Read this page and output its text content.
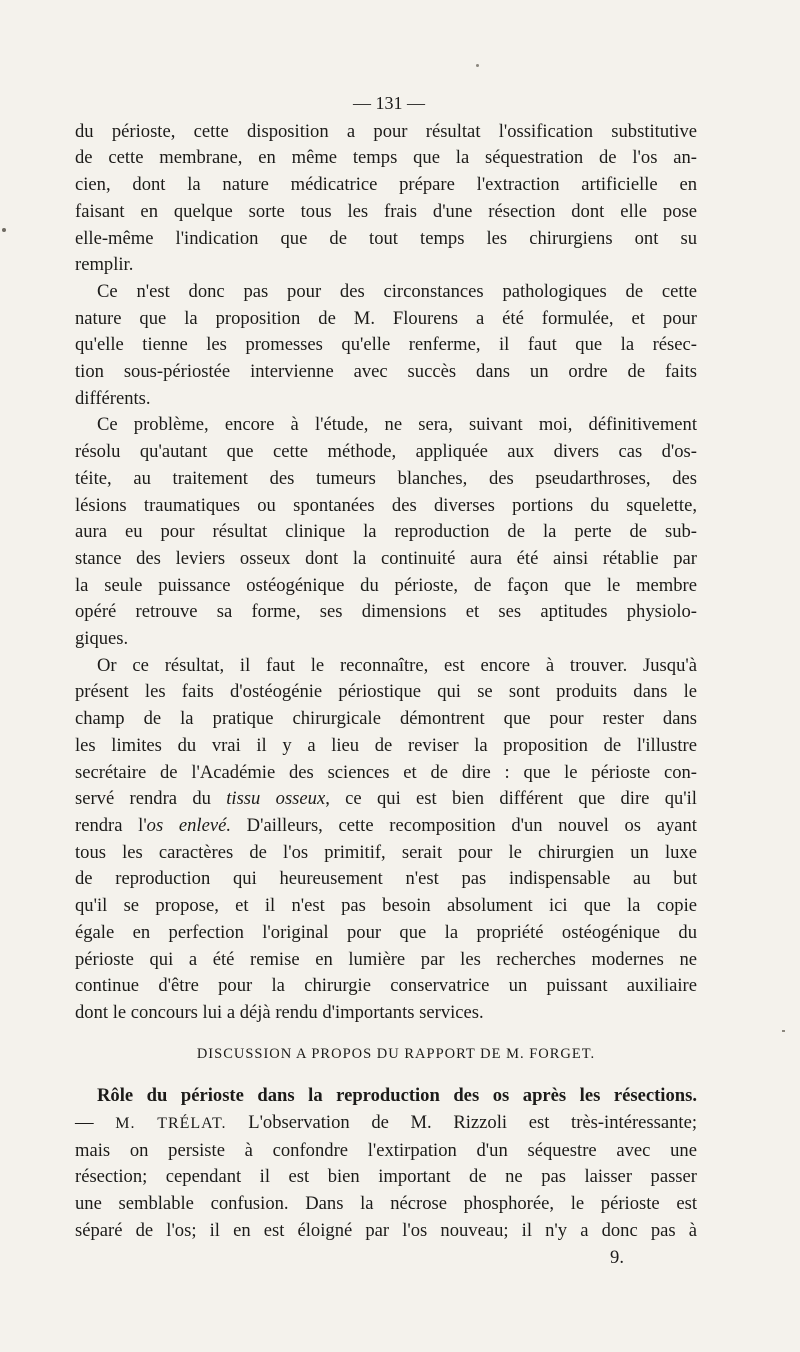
— 131 —
du périoste, cette disposition a pour résultat l'ossification substitutive
de cette membrane, en même temps que la séquestration de l'os an-
cien, dont la nature médicatrice prépare l'extraction artificielle en
faisant en quelque sorte tous les frais d'une résection dont elle pose
elle-même l'indication que de tout temps les chirurgiens ont su
remplir.
Ce n'est donc pas pour des circonstances pathologiques de cette
nature que la proposition de M. Flourens a été formulée, et pour
qu'elle tienne les promesses qu'elle renferme, il faut que la résec-
tion sous-périostée intervienne avec succès dans un ordre de faits
différents.
Ce problème, encore à l'étude, ne sera, suivant moi, définitivement
résolu qu'autant que cette méthode, appliquée aux divers cas d'os-
téite, au traitement des tumeurs blanches, des pseudarthroses, des
lésions traumatiques ou spontanées des diverses portions du squelette,
aura eu pour résultat clinique la reproduction de la perte de sub-
stance des leviers osseux dont la continuité aura été ainsi rétablie par
la seule puissance ostéogénique du périoste, de façon que le membre
opéré retrouve sa forme, ses dimensions et ses aptitudes physiolo-
giques.
Or ce résultat, il faut le reconnaître, est encore à trouver. Jusqu'à
présent les faits d'ostéogénie périostique qui se sont produits dans le
champ de la pratique chirurgicale démontrent que pour rester dans
les limites du vrai il y a lieu de reviser la proposition de l'illustre
secrétaire de l'Académie des sciences et de dire : que le périoste con-
servé rendra du tissu osseux, ce qui est bien différent que dire qu'il
rendra l'os enlevé. D'ailleurs, cette recomposition d'un nouvel os ayant
tous les caractères de l'os primitif, serait pour le chirurgien un luxe
de reproduction qui heureusement n'est pas indispensable au but
qu'il se propose, et il n'est pas besoin absolument ici que la copie
égale en perfection l'original pour que la propriété ostéogénique du
périoste qui a été remise en lumière par les recherches modernes ne
continue d'être pour la chirurgie conservatrice un puissant auxiliaire
dont le concours lui a déjà rendu d'importants services.
DISCUSSION A PROPOS DU RAPPORT DE M. FORGET.
Rôle du périoste dans la reproduction des os après les résections.
— M. TRÉLAT. L'observation de M. Rizzoli est très-intéressante;
mais on persiste à confondre l'extirpation d'un séquestre avec une
résection; cependant il est bien important de ne pas laisser passer
une semblable confusion. Dans la nécrose phosphorée, le périoste est
séparé de l'os; il en est éloigné par l'os nouveau; il n'y a donc pas à
9.
